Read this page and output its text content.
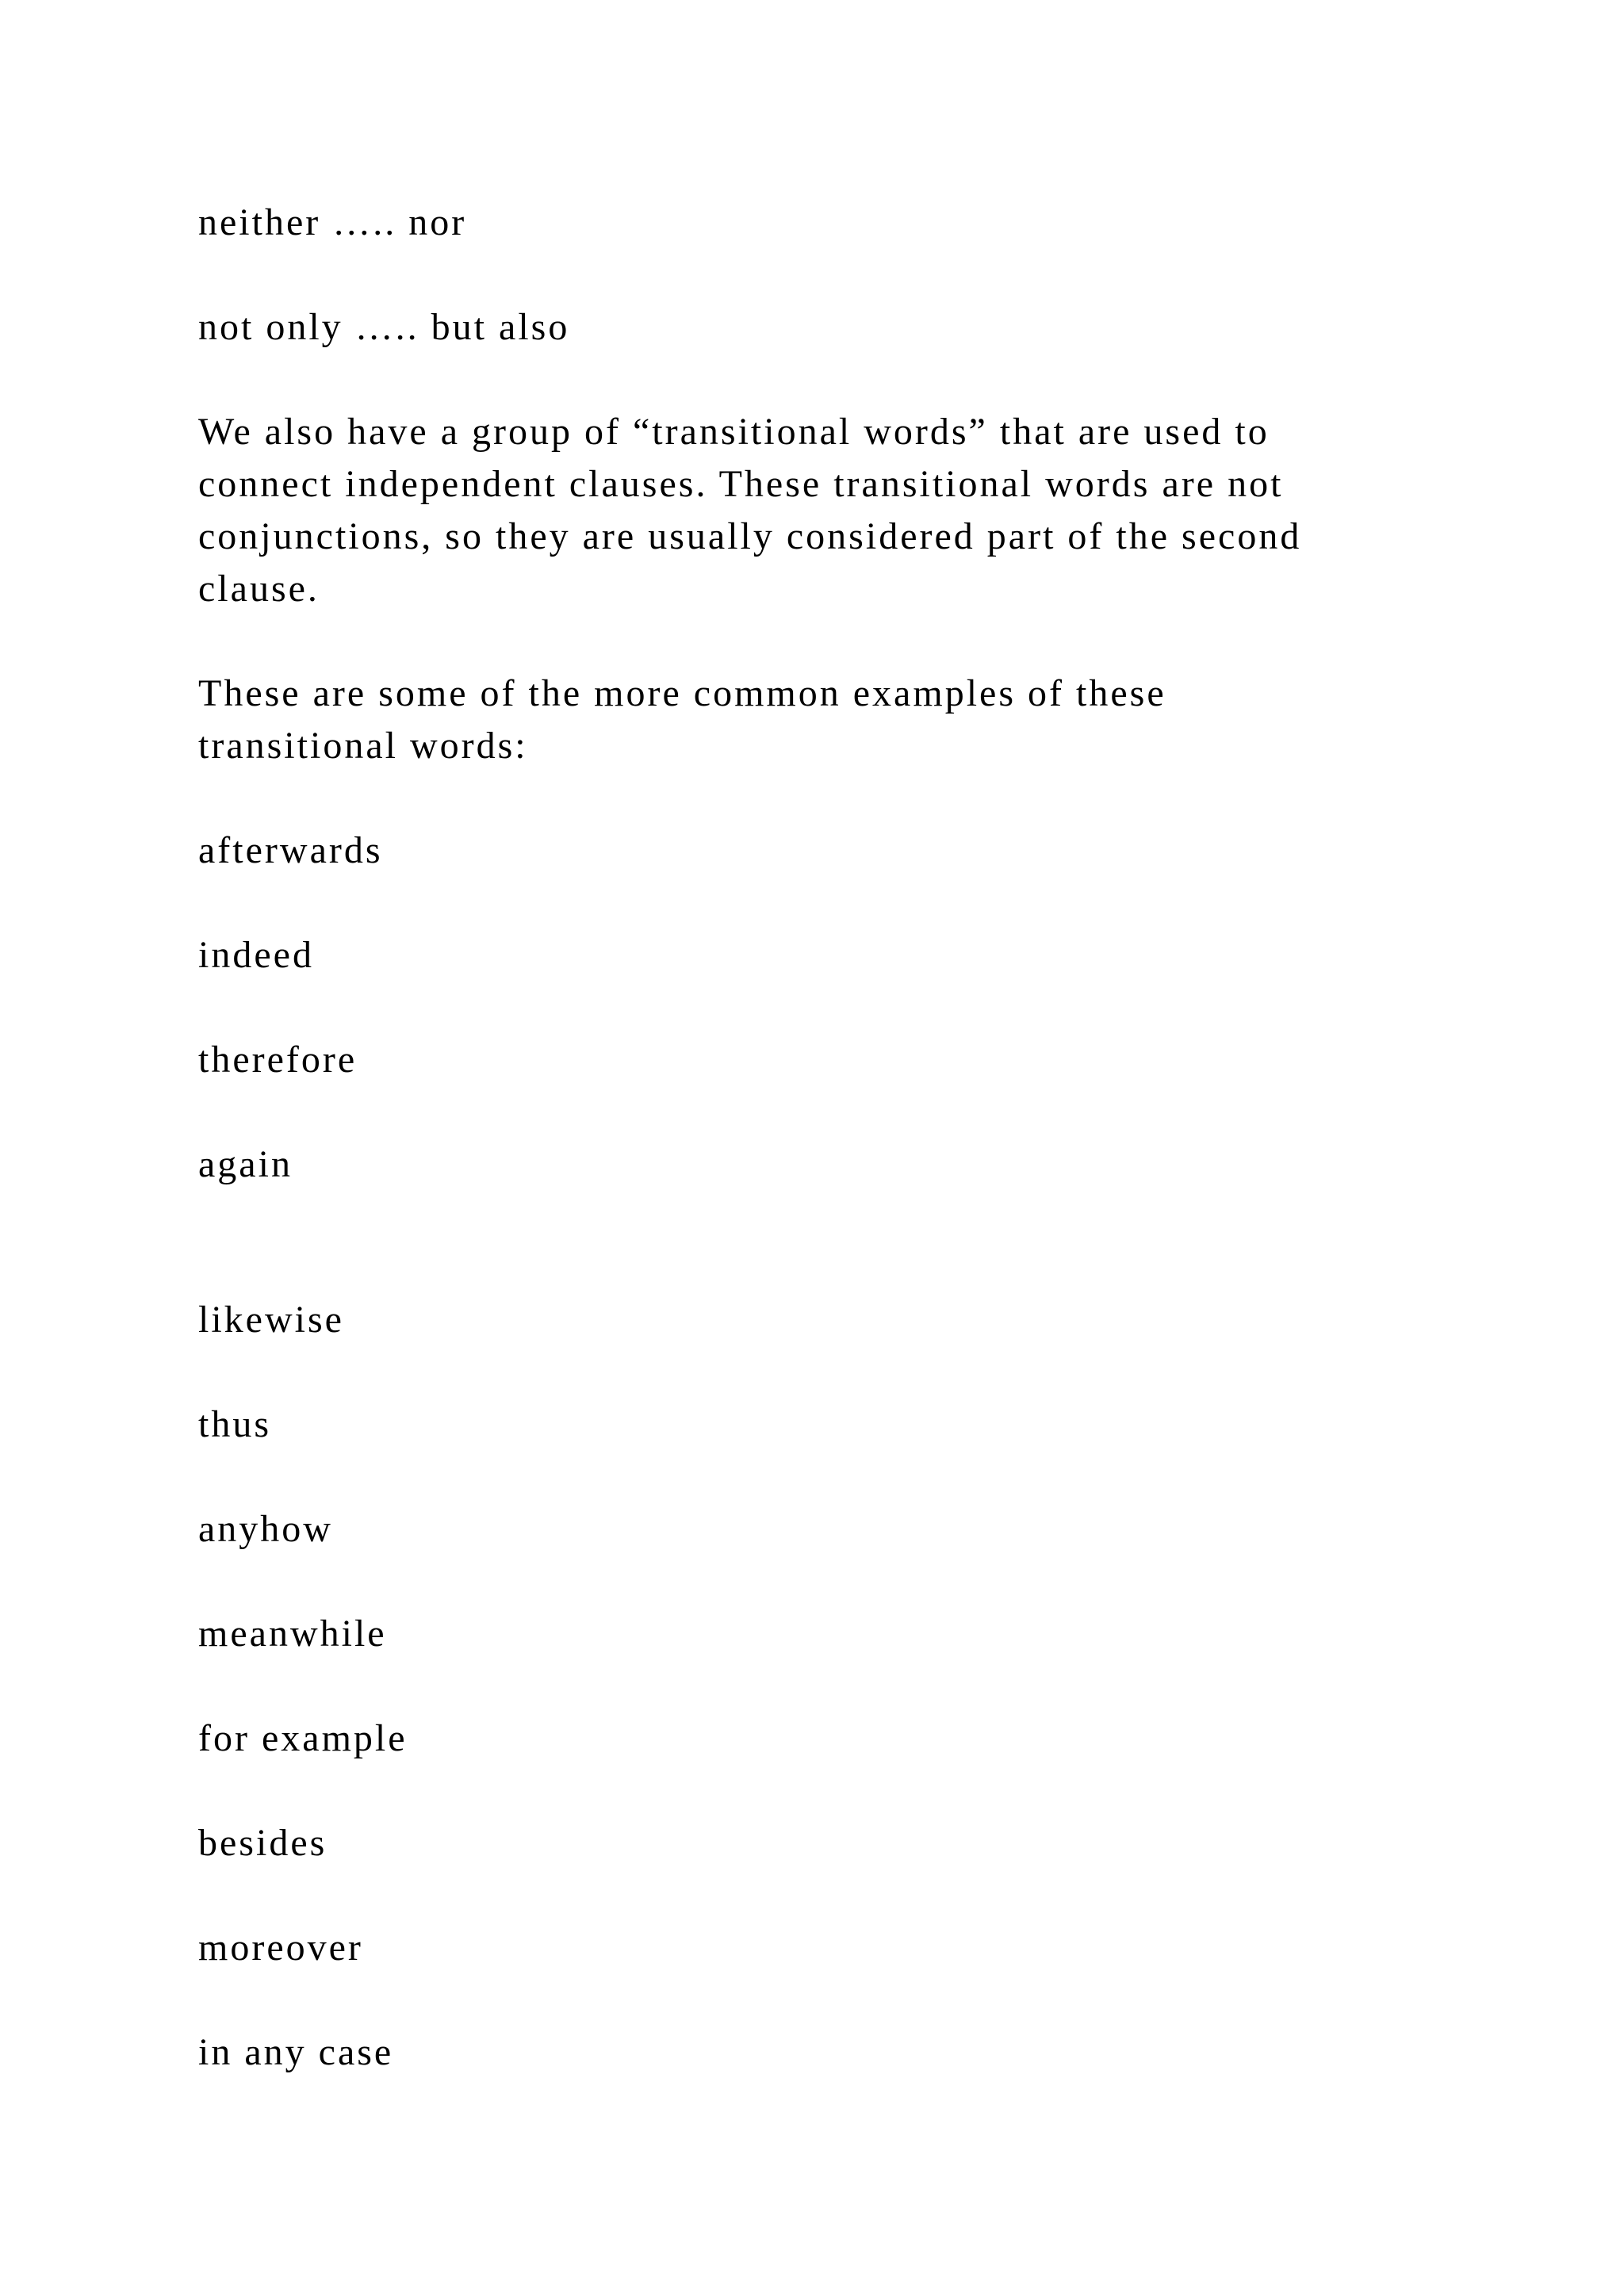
neither ….. nor
not only ….. but also
We also have a group of “transitional words” that are used to
connect independent clauses. These transitional words are not
conjunctions, so they are usually considered part of the second
clause.
These are some of the more common examples of these
transitional words:
afterwards
indeed
therefore
again
likewise
thus
anyhow
meanwhile
for example
besides
moreover
in any case
